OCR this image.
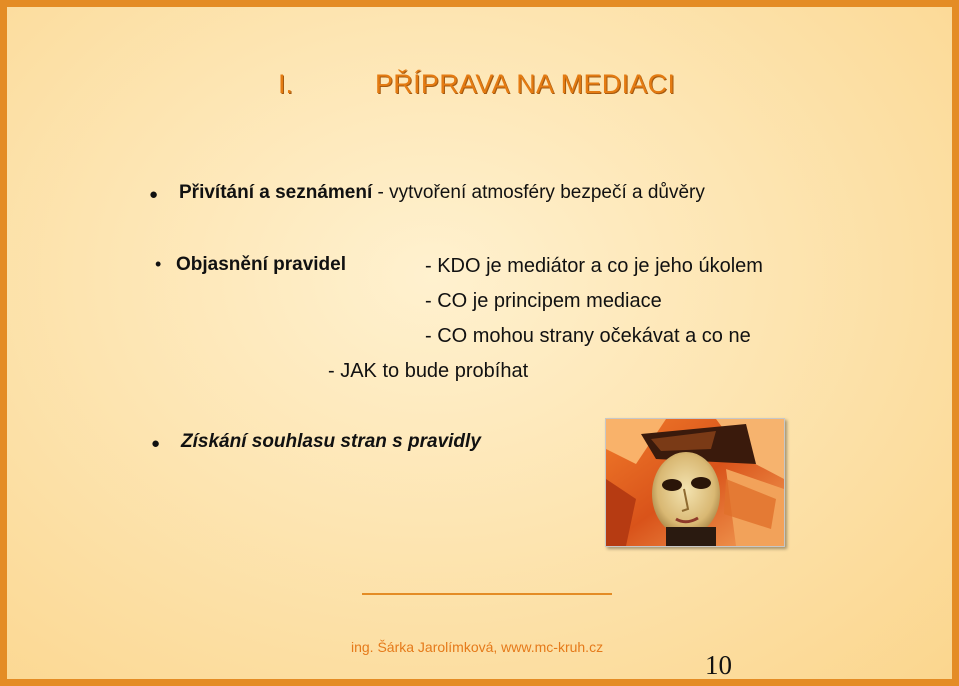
I.	PŘÍPRAVA NA MEDIACI
● Přivítání a seznámení - vytvoření atmosféry bezpečí a důvěry
• Objasnění pravidel	- KDO je mediátor a co je jeho úkolem
- CO je principem mediace
- CO mohou strany očekávat a co ne
- JAK to bude probíhat
● Získání souhlasu stran s pravidly
ing. Šárka Jarolímková, www.mc-kruh.cz
10
